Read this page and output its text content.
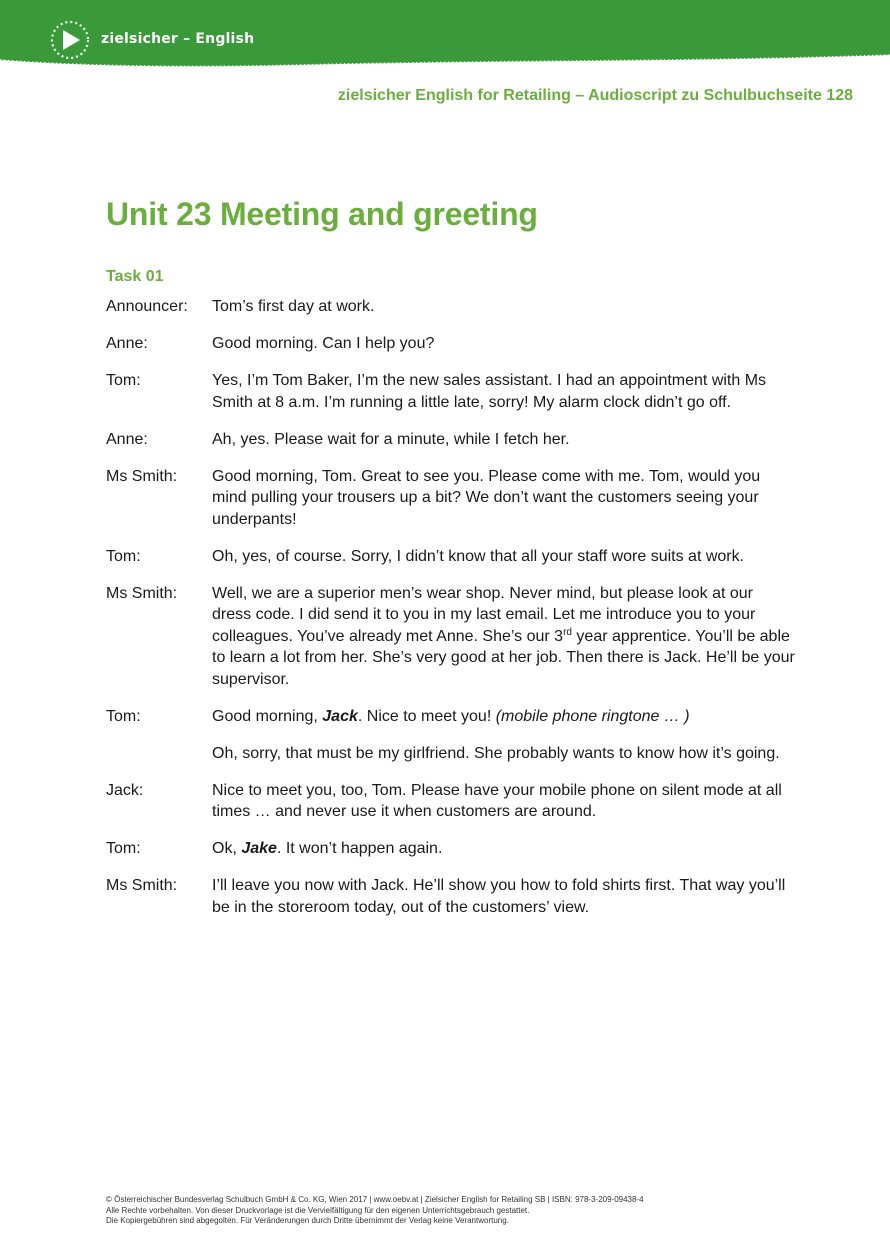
zielsicher – English
zielsicher English for Retailing – Audioscript zu Schulbuchseite 128
Unit 23 Meeting and greeting
Task 01
Announcer:	Tom’s first day at work.
Anne:	Good morning. Can I help you?
Tom:	Yes, I’m Tom Baker, I’m the new sales assistant. I had an appointment with Ms Smith at 8 a.m. I’m running a little late, sorry! My alarm clock didn’t go off.
Anne:	Ah, yes. Please wait for a minute, while I fetch her.
Ms Smith:	Good morning, Tom. Great to see you. Please come with me. Tom, would you mind pulling your trousers up a bit? We don’t want the customers seeing your underpants!
Tom:	Oh, yes, of course. Sorry, I didn’t know that all your staff wore suits at work.
Ms Smith:	Well, we are a superior men’s wear shop. Never mind, but please look at our dress code. I did send it to you in my last email. Let me introduce you to your colleagues. You’ve already met Anne. She’s our 3rd year apprentice. You’ll be able to learn a lot from her. She’s very good at her job. Then there is Jack. He’ll be your supervisor.
Tom:	Good morning, Jack. Nice to meet you! (mobile phone ringtone … )
Oh, sorry, that must be my girlfriend. She probably wants to know how it’s going.
Jack:	Nice to meet you, too, Tom. Please have your mobile phone on silent mode at all times … and never use it when customers are around.
Tom:	Ok, Jake. It won’t happen again.
Ms Smith:	I’ll leave you now with Jack. He’ll show you how to fold shirts first. That way you’ll be in the storeroom today, out of the customers’ view.
© Österreichischer Bundesverlag Schulbuch GmbH & Co. KG, Wien 2017 | www.oebv.at | Zielsicher English for Retailing SB | ISBN: 978-3-209-09438-4
Alle Rechte vorbehalten. Von dieser Druckvorlage ist die Vervielfältigung für den eigenen Unterrichtsgebrauch gestattet.
Die Kopiergebühren sind abgegolten. Für Veränderungen durch Dritte übernimmt der Verlag keine Verantwortung.
